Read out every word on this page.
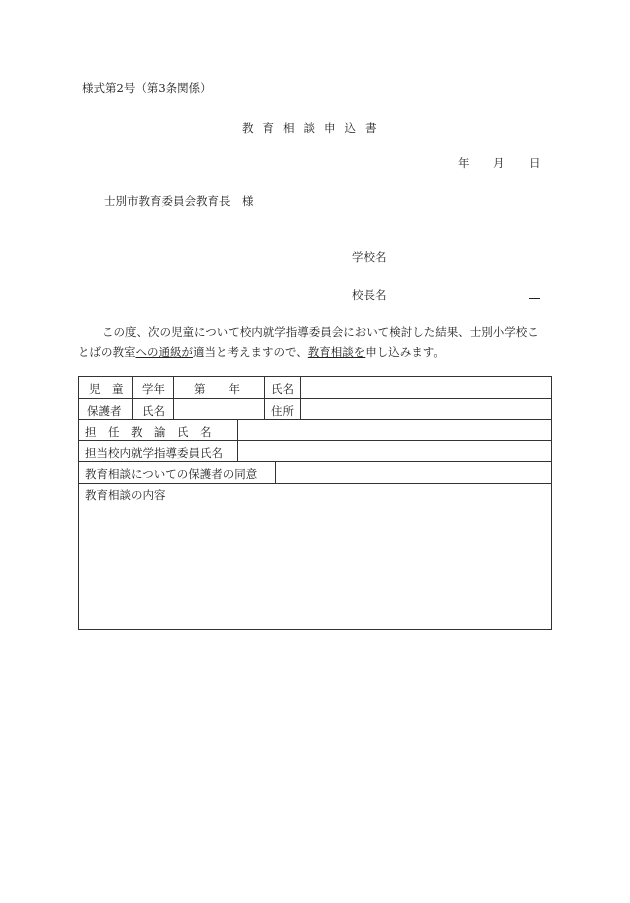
様式第2号（第3条関係）
教育相談申込書
年 月 日
士別市教育委員会教育長　様
学校名
校長名
この度、次の児童について校内就学指導委員会において検討した結果、士別小学校こ
とばの教室への通級が適当と考えますので、教育相談を申し込みます。
児　童 学年	第　　年	氏名
保護者 氏名	住所
担　任　教　諭　氏　名
担当校内就学指導委員氏名
教育相談についての保護者の同意
教育相談の内容
